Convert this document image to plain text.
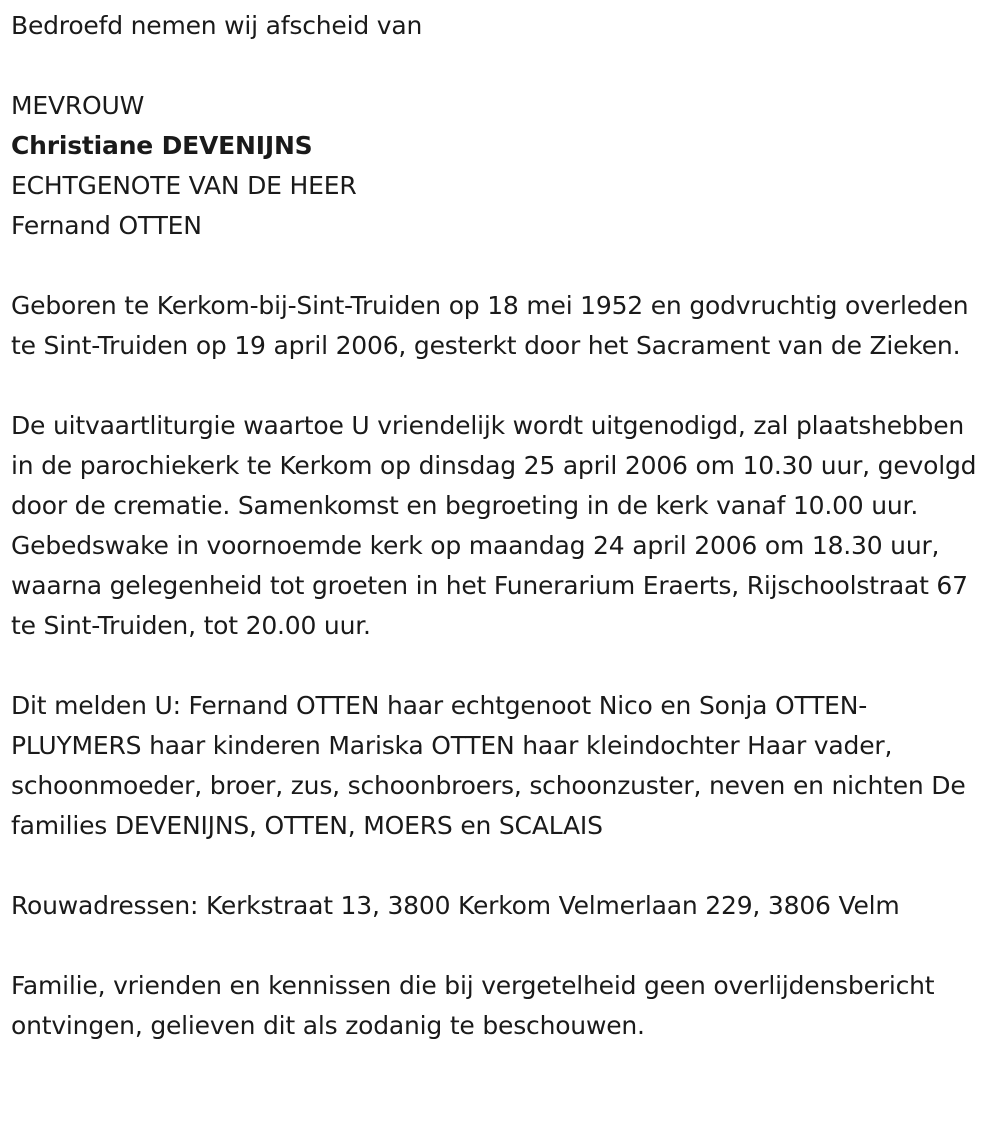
Bedroefd nemen wij afscheid van
MEVROUW
Christiane DEVENIJNS
ECHTGENOTE VAN DE HEER
Fernand OTTEN

Geboren te Kerkom-bij-Sint-Truiden op 18 mei 1952 en godvruchtig overleden te Sint-Truiden op 19 april 2006, gesterkt door het Sacrament van de Zieken.

De uitvaartliturgie waartoe U vriendelijk wordt uitgenodigd, zal plaatshebben in de parochiekerk te Kerkom op dinsdag 25 april 2006 om 10.30 uur, gevolgd door de crematie. Samenkomst en begroeting in de kerk vanaf 10.00 uur. Gebedswake in voornoemde kerk op maandag 24 april 2006 om 18.30 uur, waarna gelegenheid tot groeten in het Funerarium Eraerts, Rijschoolstraat 67 te Sint-Truiden, tot 20.00 uur.

Dit melden U: Fernand OTTEN haar echtgenoot Nico en Sonja OTTEN-PLUYMERS haar kinderen Mariska OTTEN haar kleindochter Haar vader, schoonmoeder, broer, zus, schoonbroers, schoonzuster, neven en nichten De families DEVENIJNS, OTTEN, MOERS en SCALAIS

Rouwadressen: Kerkstraat 13, 3800 Kerkom Velmerlaan 229, 3806 Velm

Familie, vrienden en kennissen die bij vergetelheid geen overlijdensbericht ontvingen, gelieven dit als zodanig te beschouwen.
